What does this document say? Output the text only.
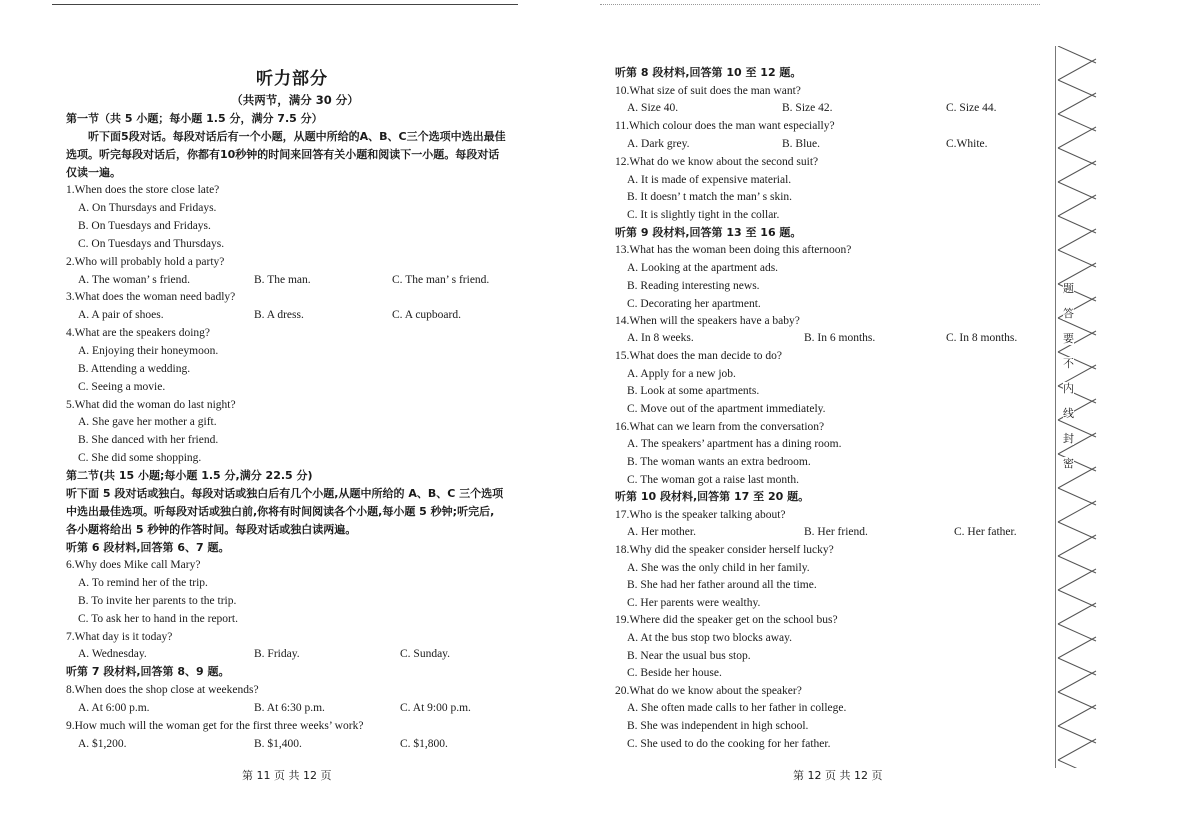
听力部分
（共两节，满分 30 分）
第一节（共 5 小题；每小题 1.5 分，满分 7.5 分）
听下面5段对话。每段对话后有一个小题，从题中所给的A、B、C三个选项中选出最佳
选项。听完每段对话后，你都有10秒钟的时间来回答有关小题和阅读下一小题。每段对话
仅读一遍。
1.When does the store close late?
A. On Thursdays and Fridays.
B. On Tuesdays and Fridays.
C. On Tuesdays and Thursdays.
2.Who will probably hold a party?
A. The woman’ s friend.	B. The man.	C. The man’ s friend.
3.What does the woman need badly?
A. A pair of shoes.	B. A dress.	C. A cupboard.
4.What are the speakers doing?
A. Enjoying their honeymoon.
B. Attending a wedding.
C. Seeing a movie.
5.What did the woman do last night?
A. She gave her mother a gift.
B. She danced with her friend.
C. She did some shopping.
第二节(共 15 小题;每小题 1.5 分,满分 22.5 分)
听下面 5 段对话或独白。每段对话或独白后有几个小题,从题中所给的 A、B、C 三个选项
中选出最佳选项。听每段对话或独白前,你将有时间阅读各个小题,每小题 5 秒钟;听完后,
各小题将给出 5 秒钟的作答时间。每段对话或独白读两遍。
听第 6 段材料,回答第 6、7 题。
6.Why does Mike call Mary?
A. To remind her of the trip.
B. To invite her parents to the trip.
C. To ask her to hand in the report.
7.What day is it today?
A. Wednesday.	B. Friday.	C. Sunday.
听第 7 段材料,回答第 8、9 题。
8.When does the shop close at weekends?
A. At 6:00 p.m.	B. At 6:30 p.m.	C. At 9:00 p.m.
9.How much will the woman get for the first three weeks’ work?
A. $1,200.	B. $1,400.	C. $1,800.
第 11 页 共 12 页
听第 8 段材料,回答第 10 至 12 题。
10.What size of suit does the man want?
A. Size 40.	B. Size 42.	C. Size 44.
11.Which colour does the man want especially?
A. Dark grey.	B. Blue.	C.White.
12.What do we know about the second suit?
A. It is made of expensive material.
B. It doesn’ t match the man’ s skin.
C. It is slightly tight in the collar.
听第 9 段材料,回答第 13 至 16 题。
13.What has the woman been doing this afternoon?
A. Looking at the apartment ads.
B. Reading interesting news.
C. Decorating her apartment.
14.When will the speakers have a baby?
A. In 8 weeks.	B. In 6 months.	C. In 8 months.
15.What does the man decide to do?
A. Apply for a new job.
B. Look at some apartments.
C. Move out of the apartment immediately.
16.What can we learn from the conversation?
A. The speakers’ apartment has a dining room.
B. The woman wants an extra bedroom.
C. The woman got a raise last month.
听第 10 段材料,回答第 17 至 20 题。
17.Who is the speaker talking about?
A. Her mother.	B. Her friend.	C. Her father.
18.Why did the speaker consider herself lucky?
A. She was the only child in her family.
B. She had her father around all the time.
C. Her parents were wealthy.
19.Where did the speaker get on the school bus?
A. At the bus stop two blocks away.
B. Near the usual bus stop.
C. Beside her house.
20.What do we know about the speaker?
A. She often made calls to her father in college.
B. She was independent in high school.
C. She used to do the cooking for her father.
第 12 页 共 12 页
题
答
要
不
内
线
封
密
